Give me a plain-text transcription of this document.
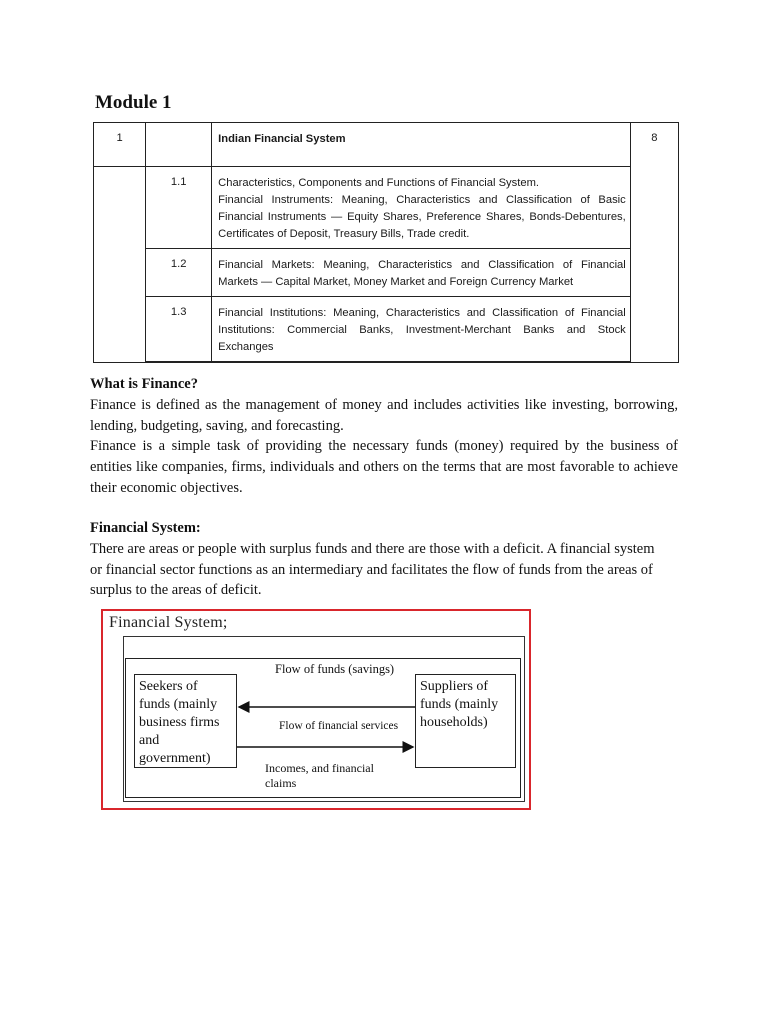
Module 1
1		Indian Financial System	8
	1.1	Characteristics, Components and Functions of Financial System.
Financial Instruments: Meaning, Characteristics and Classification of Basic Financial Instruments — Equity Shares, Preference Shares, Bonds-Debentures, Certificates of Deposit, Treasury Bills, Trade credit.	

	1.2	Financial Markets: Meaning, Characteristics and Classification of Financial Markets — Capital Market, Money Market and Foreign Currency Market	

	1.3	Financial Institutions: Meaning, Characteristics and Classification of Financial Institutions: Commercial Banks, Investment-Merchant Banks and Stock Exchanges	
What is Finance?

Finance is defined as the management of money and includes activities like investing, borrowing, lending, budgeting, saving, and forecasting.

Finance is a simple task of providing the necessary funds (money) required by the business of entities like companies, firms, individuals and others on the terms that are most favorable to achieve their economic objectives.

Financial System:

There are areas or people with surplus funds and there are those with a deficit. A financial system or financial sector functions as an intermediary and facilitates the flow of funds from the areas of surplus to the areas of deficit.

Financial System;
Seekers of funds (mainly business firms and government)
Suppliers of funds (mainly households)
Flow of funds (savings)
Flow of financial services
Incomes, and financial claims
